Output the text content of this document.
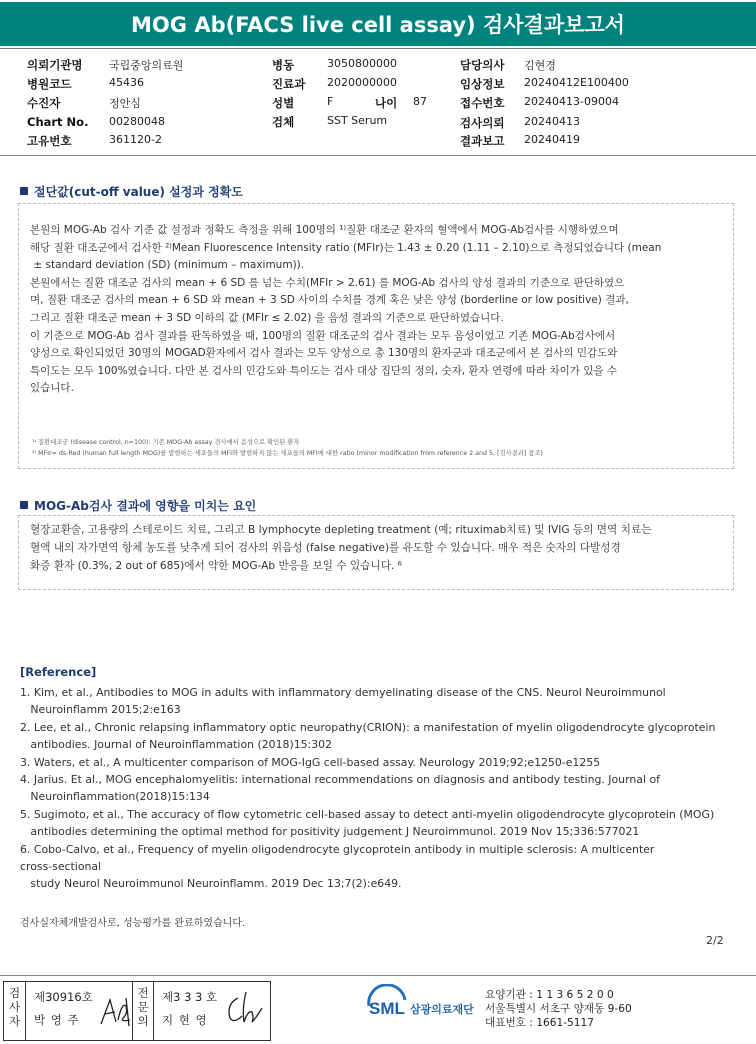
MOG Ab(FACS live cell assay) 검사결과보고서
의뢰기관명 국립중앙의료원
병원코드	45436
수진자	정안심
Chart No. 00280048
고유번호	361120-2
병동	3050800000
진료과 2020000000
성별	F	나이 87
검체	SST Serum
담당의사 김현경
임상정보 20240412E100400
접수번호 20240413-09004
검사의뢰 20240413
결과보고 20240419
절단값(cut-off value) 설정과 정확도
본원의 MOG-Ab 검사 기준 값 설정과 정확도 측정을 위해 100명의 ¹⁾질환 대조군 환자의 혈액에서 MOG-Ab검사를 시행하였으며
해당 질환 대조군에서 검사한 ²⁾Mean Fluorescence Intensity ratio (MFIr)는 1.43 ± 0.20 (1.11 – 2.10)으로 측정되었습니다 (mean
± standard deviation (SD) (minimum – maximum)).
본원에서는 질환 대조군 검사의 mean + 6 SD 를 넘는 수치(MFIr > 2.61) 를 MOG-Ab 검사의 양성 결과의 기준으로 판단하였으
며, 질환 대조군 검사의 mean + 6 SD 와 mean + 3 SD 사이의 수치를 경계 혹은 낮은 양성 (borderline or low positive) 결과,
그리고 질환 대조군 mean + 3 SD 이하의 값 (MFIr ≤ 2.02) 을 음성 결과의 기준으로 판단하였습니다.
이 기준으로 MOG-Ab 검사 결과를 판독하였을 때, 100명의 질환 대조군의 검사 결과는 모두 음성이었고 기존 MOG-Ab검사에서
양성으로 확인되었던 30명의 MOGAD환자에서 검사 결과는 모두 양성으로 총 130명의 환자군과 대조군에서 본 검사의 민감도와
특이도는 모두 100%였습니다. 다만 본 검사의 민감도와 특이도는 검사 대상 집단의 정의, 숫자, 환자 연령에 따라 차이가 있을 수
있습니다.
¹⁾ 질환대조군 (disease control, n=100): 기존 MOG-Ab assay 검사에서 음성으로 확인된 환자
²⁾ MFIr= ds-Red (human full length MOG)를 발현하는 세포들의 MFI와 발현하지 않는 세포들의 MFI에 대한 ratio (minor modification from reference 2 and 5, [검사결과] 참조)
MOG-Ab검사 결과에 영향을 미치는 요인
혈장교환술, 고용량의 스테로이드 치료, 그리고 B lymphocyte depleting treatment (예; rituximab치료) 및 IVIG 등의 면역 치료는
혈액 내의 자가면역 항체 농도를 낮추게 되어 검사의 위음성 (false negative)를 유도할 수 있습니다. 매우 적은 숫자의 다발성경
화증 환자 (0.3%, 2 out of 685)에서 약한 MOG-Ab 반응을 보일 수 있습니다. ⁶
[Reference]
1. Kim, et al., Antibodies to MOG in adults with inflammatory demyelinating disease of the CNS. Neurol Neuroimmunol
Neuroinflamm 2015;2:e163
2. Lee, et al., Chronic relapsing inflammatory optic neuropathy(CRION): a manifestation of myelin oligodendrocyte glycoprotein
antibodies. Journal of Neuroinflammation (2018)15:302
3. Waters, et al., A multicenter comparison of MOG-IgG cell-based assay. Neurology 2019;92;e1250-e1255
4. Jarius. Et al., MOG encephalomyelitis: international recommendations on diagnosis and antibody testing. Journal of
Neuroinflammation(2018)15:134
5. Sugimoto, et al., The accuracy of flow cytometric cell-based assay to detect anti-myelin oligodendrocyte glycoprotein (MOG)
antibodies determining the optimal method for positivity judgement J Neuroimmunol. 2019 Nov 15;336:577021
6. Cobo-Calvo, et al., Frequency of myelin oligodendrocyte glycoprotein antibody in multiple sclerosis: A multicenter
cross-sectional
study Neurol Neuroimmunol Neuroinflamm. 2019 Dec 13;7(2):e649.
검사실자체개발검사로, 성능평가를 완료하였습니다.
2/2
검
사
자
제30916호
박 영 주
전
문
의
제3 3 3 호
지 현 영
SML 삼광의료재단
요양기관 : 1 1 3 6 5 2 0 0
서울특별시 서초구 양재동 9-60
대표번호 : 1661-5117
